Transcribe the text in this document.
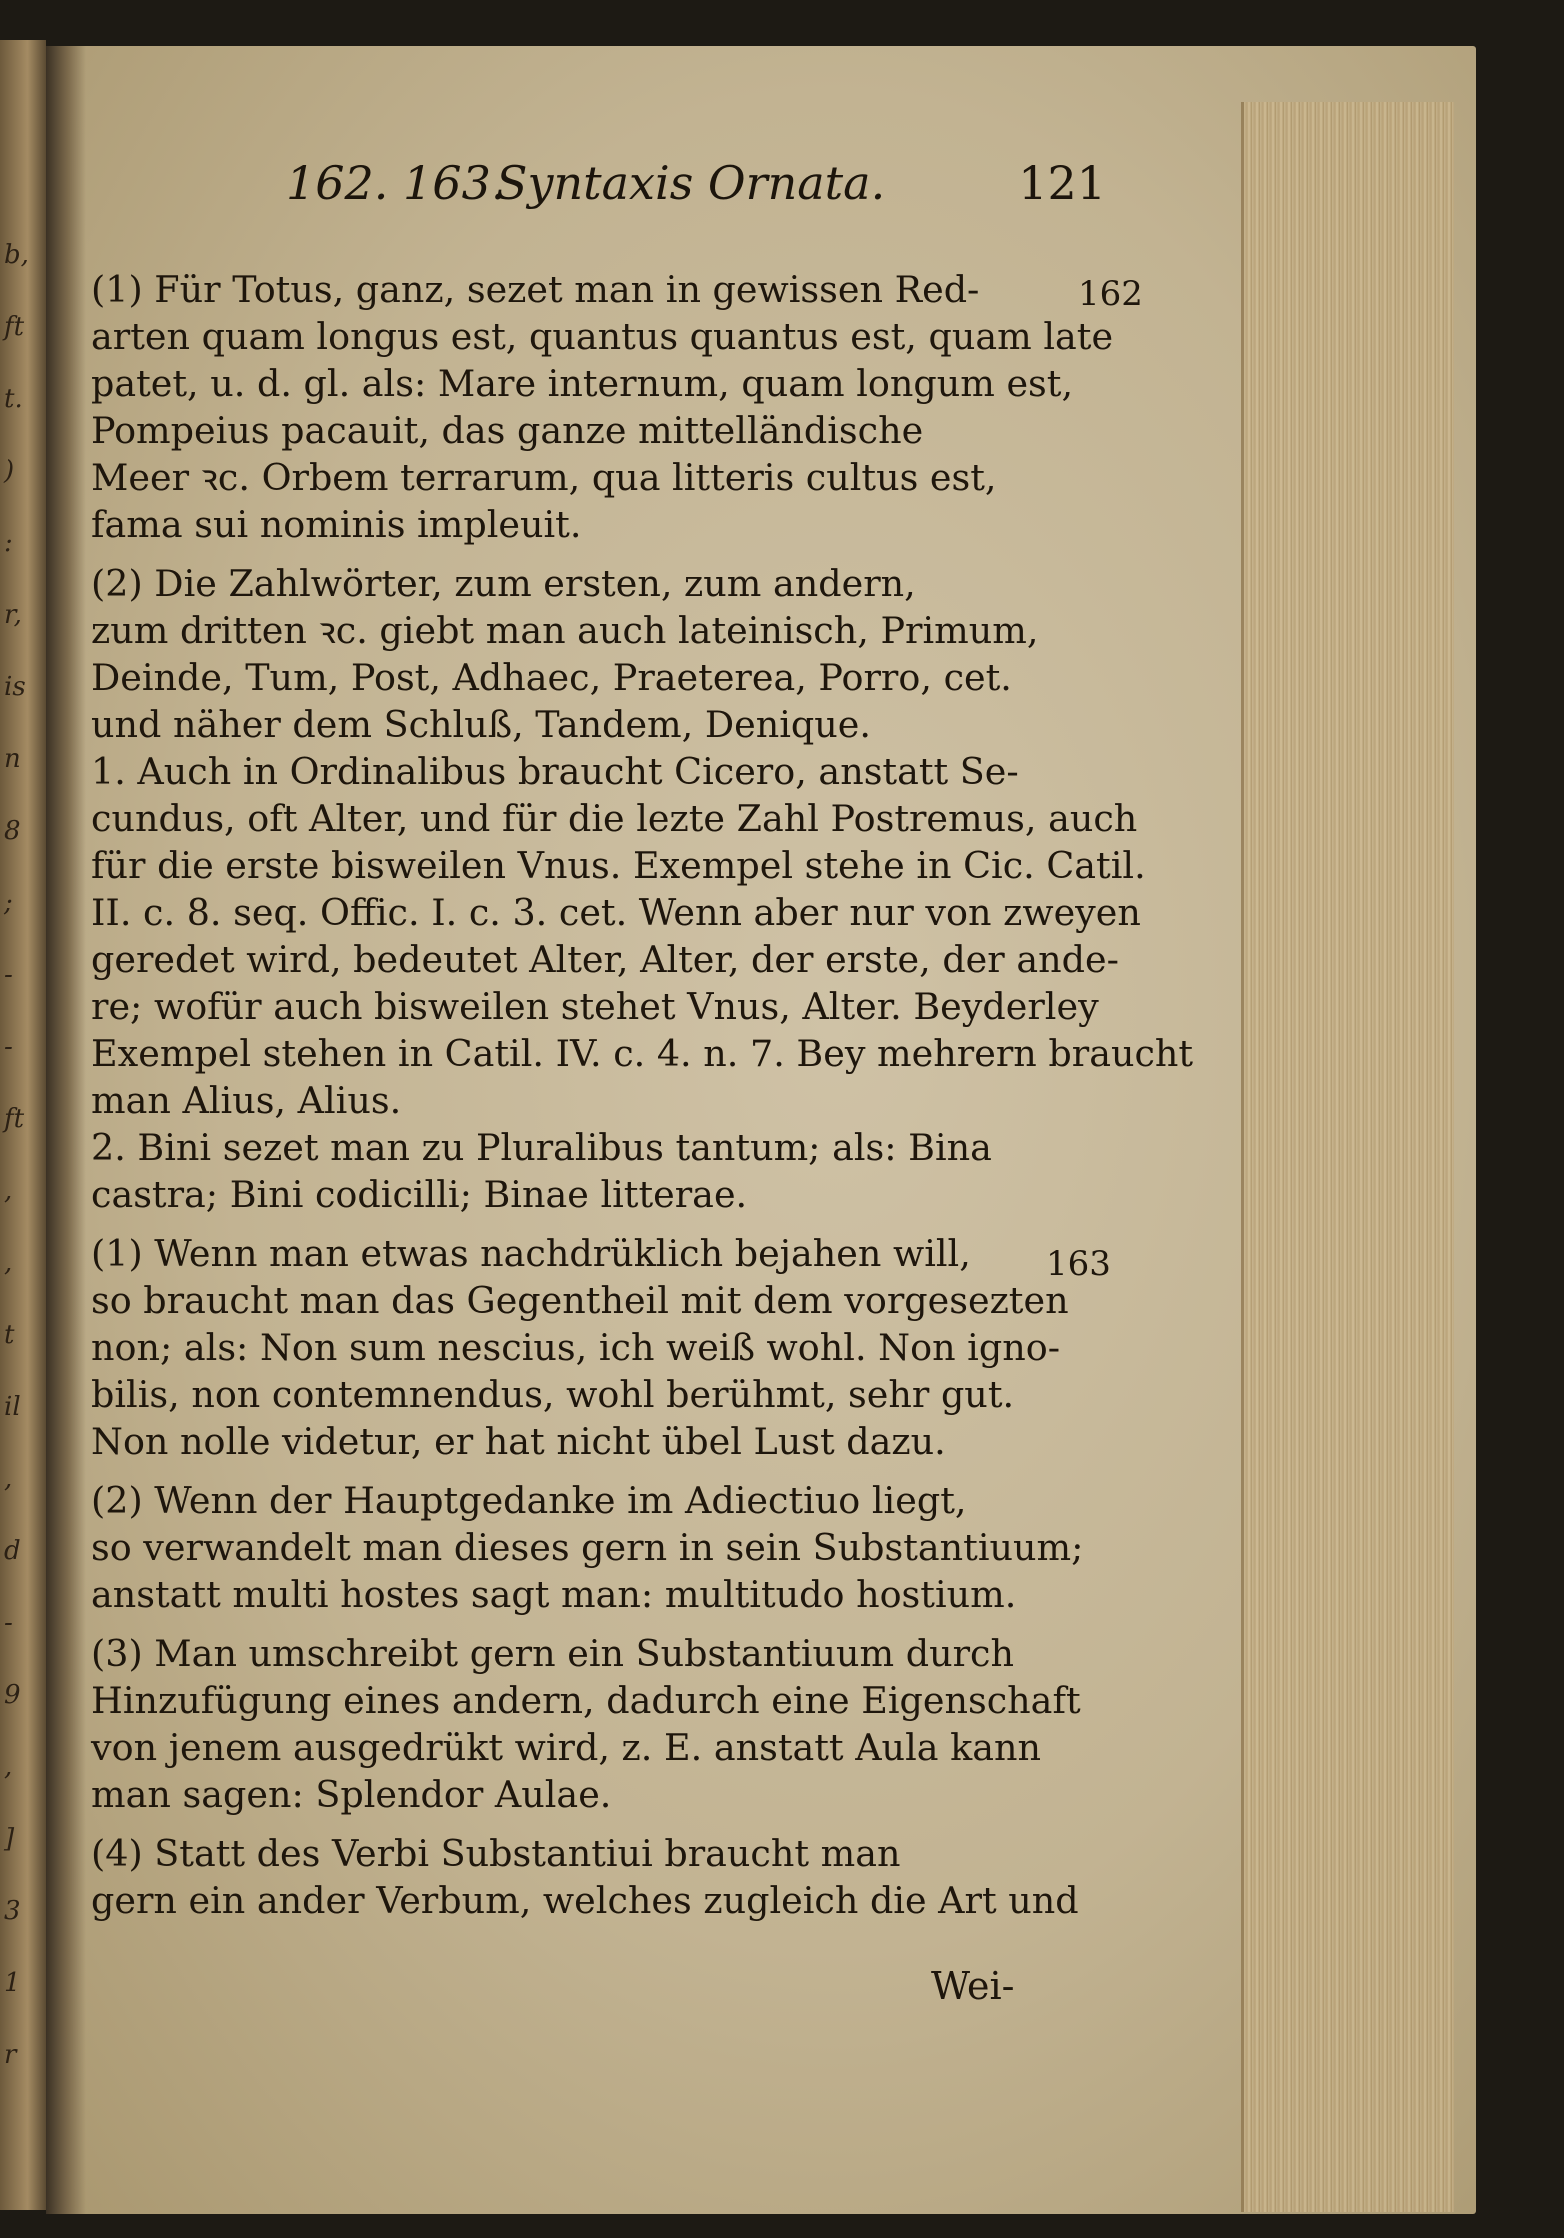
b,
ft
t.
)
:
r,
is
n
8
;
-
-
ft
,
,
t
il
,
d
-
9
,
]
3
1
r
162. 163.
Syntaxis Ornata.	121
(1) Für Totus, ganz, sezet man in gewissen Red-
arten quam longus est, quantus quantus est, quam late
patet, u. d. gl. als: Mare internum, quam longum est,
Pompeius pacauit, das ganze mittelländische
Meer ꝛc. Orbem terrarum, qua litteris cultus est,
fama sui nominis impleuit.
(2) Die Zahlwörter, zum ersten, zum andern,
zum dritten ꝛc. giebt man auch lateinisch, Primum,
Deinde, Tum, Post, Adhaec, Praeterea, Porro, cet.
und näher dem Schluß, Tandem, Denique.
1. Auch in Ordinalibus braucht Cicero, anstatt Se-
cundus, oft Alter, und für die lezte Zahl Postremus, auch
für die erste bisweilen Vnus. Exempel stehe in Cic. Catil.
II. c. 8. seq. Offic. I. c. 3. cet. Wenn aber nur von zweyen
geredet wird, bedeutet Alter, Alter, der erste, der ande-
re; wofür auch bisweilen stehet Vnus, Alter. Beyderley
Exempel stehen in Catil. IV. c. 4. n. 7. Bey mehrern braucht
man Alius, Alius.
2. Bini sezet man zu Pluralibus tantum; als: Bina
castra; Bini codicilli; Binae litterae.
(1) Wenn man etwas nachdrüklich bejahen will,
so braucht man das Gegentheil mit dem vorgesezten
non; als: Non sum nescius, ich weiß wohl. Non igno-
bilis, non contemnendus, wohl berühmt, sehr gut.
Non nolle videtur, er hat nicht übel Lust dazu.
(2) Wenn der Hauptgedanke im Adiectiuo liegt,
so verwandelt man dieses gern in sein Substantiuum;
anstatt multi hostes sagt man: multitudo hostium.
(3) Man umschreibt gern ein Substantiuum durch
Hinzufügung eines andern, dadurch eine Eigenschaft
von jenem ausgedrükt wird, z. E. anstatt Aula kann
man sagen: Splendor Aulae.
(4) Statt des Verbi Substantiui braucht man
gern ein ander Verbum, welches zugleich die Art und
162
163
Wei-
